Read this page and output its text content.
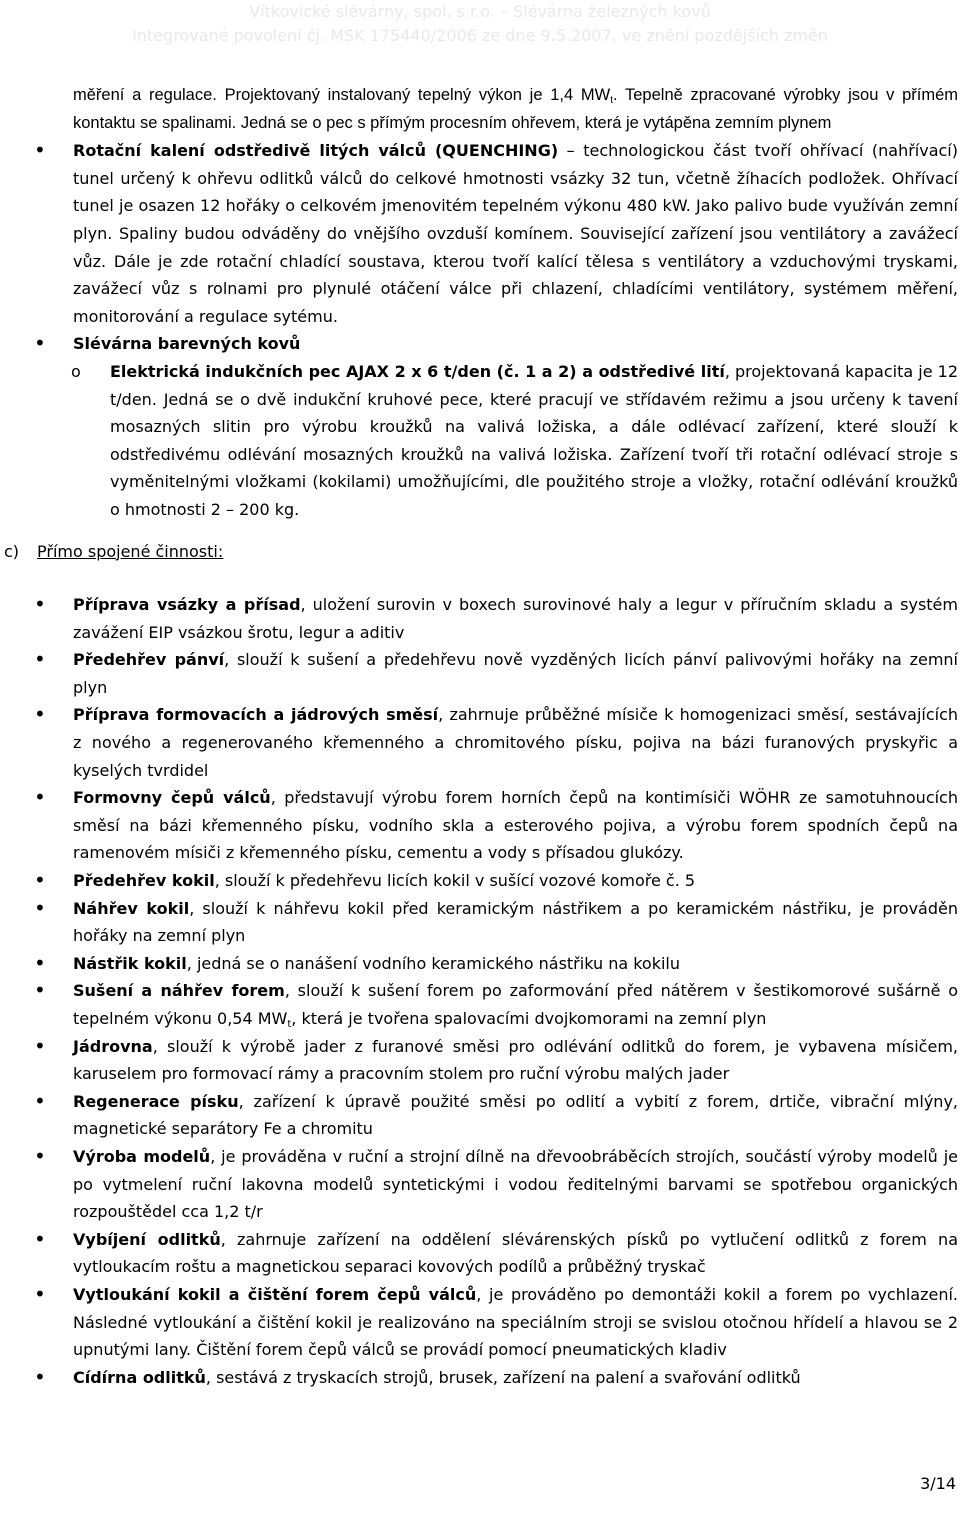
Vítkovické slévárny, spol. s.r.o. – Slévárna železných kovů
Integrované povolení čj. MSK 175440/2006 ze dne 9.5.2007, ve znění pozdějších změn

měření a regulace. Projektovaný instalovaný tepelný výkon je 1,4 $MW_t$. Tepelně zpracované výrobky jsou v přímém kontaktu se spalinami. Jedná se o pec s přímým procesním ohřevem, která je vytápěna zemním plynem

• Rotační kalení odstředivě litých válců (QUENCHING) – technologickou část tvoří ohřívací (nahřívací) tunel určený k ohřevu odlitků válců do celkové hmotnosti vsázky 32 tun, včetně žíhacích podložek. Ohřívací tunel je osazen 12 hořáky o celkovém jmenovitém tepelném výkonu 480 kW. Jako palivo bude využíván zemní plyn. Spaliny budou odváděny do vnějšího ovzduší komínem. Související zařízení jsou ventilátory a zavážecí vůz. Dále je zde rotační chladící soustava, kterou tvoří kalící tělesa s ventilátory a vzduchovými tryskami, zavážecí vůz s rolnami pro plynulé otáčení válce při chlazení, chladícími ventilátory, systémem měření, monitorování a regulace sytému.

• Slévárna barevných kovů

o Elektrická indukčních pec AJAX 2 x 6 t/den (č. 1 a 2) a odstředivé lití, projektovaná kapacita je 12 t/den. Jedná se o dvě indukční kruhové pece, které pracují ve střídavém režimu a jsou určeny k tavení mosazných slitin pro výrobu kroužků na valivá ložiska, a dále odlévací zařízení, které slouží k odstředivému odlévání mosazných kroužků na valivá ložiska. Zařízení tvoří tři rotační odlévací stroje s vyměnitelnými vložkami (kokilami) umožňujícími, dle použitého stroje a vložky, rotační odlévání kroužků o hmotnosti 2 – 200 kg.

c) Přímo spojené činnosti:

• Příprava vsázky a přísad, uložení surovin v boxech surovinové haly a legur v příručním skladu a systém zavážení EIP vsázkou šrotu, legur a aditiv

• Předehřev pánví, slouží k sušení a předehřevu nově vyzděných licích pánví palivovými hořáky na zemní plyn

• Příprava formovacích a jádrových směsí, zahrnuje průběžné mísiče k homogenizaci směsí, sestávajících z nového a regenerovaného křemenného a chromitového písku, pojiva na bázi furanových pryskyřic a kyselých tvrdidel

• Formovny čepů válců, představují výrobu forem horních čepů na kontimísiči WÖHR ze samotuhnoucích směsí na bázi křemenného písku, vodního skla a esterového pojiva, a výrobu forem spodních čepů na ramenovém mísiči z křemenného písku, cementu a vody s přísadou glukózy.

• Předehřev kokil, slouží k předehřevu licích kokil v sušící vozové komoře č. 5

• Náhřev kokil, slouží k náhřevu kokil před keramickým nástřikem a po keramickém nástřiku, je prováděn hořáky na zemní plyn

• Nástřik kokil, jedná se o nanášení vodního keramického nástřiku na kokilu

• Sušení a náhřev forem, slouží k sušení forem po zaformování před nátěrem v šestikomorové sušárně o tepelném výkonu 0,54 $MW_t$, která je tvořena spalovacími dvojkomorami na zemní plyn

• Jádrovna, slouží k výrobě jader z furanové směsi pro odlévání odlitků do forem, je vybavena mísičem, karuselem pro formovací rámy a pracovním stolem pro ruční výrobu malých jader

• Regenerace písku, zařízení k úpravě použité směsi po odlití a vybití z forem, drtiče, vibrační mlýny, magnetické separátory Fe a chromitu

• Výroba modelů, je prováděna v ruční a strojní dílně na dřevoobráběcích strojích, součástí výroby modelů je po vytmelení ruční lakovna modelů syntetickými i vodou ředitelnými barvami se spotřebou organických rozpouštědel cca 1,2 t/r

• Vybíjení odlitků, zahrnuje zařízení na oddělení slévárenských písků po vytlučení odlitků z forem na vytloukacím roštu a magnetickou separaci kovových podílů a průběžný tryskač

• Vytloukání kokil a čištění forem čepů válců, je prováděno po demontáži kokil a forem po vychlazení. Následné vytloukání a čištění kokil je realizováno na speciálním stroji se svislou otočnou hřídelí a hlavou se 2 upnutými lany. Čištění forem čepů válců se provádí pomocí pneumatických kladiv

• Cídírna odlitků, sestává z tryskacích strojů, brusek, zařízení na palení a svařování odlitků

3/14
